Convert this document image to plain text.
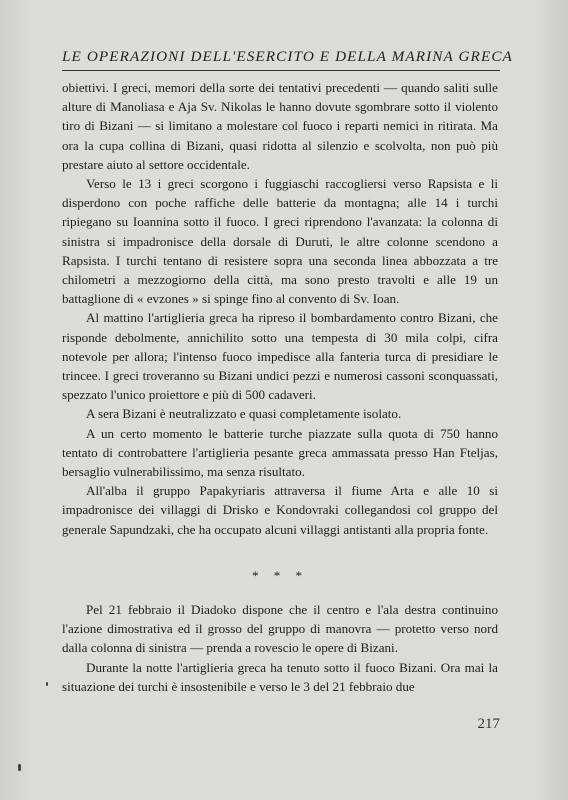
LE OPERAZIONI DELL'ESERCITO E DELLA MARINA GRECA

obiettivi. I greci, memori della sorte dei tentativi precedenti — quando saliti sulle alture di Manoliasa e Aja Sv. Nikolas le hanno dovute sgombrare sotto il violento tiro di Bizani — si limitano a molestare col fuoco i reparti nemici in ritirata. Ma ora la cupa collina di Bizani, quasi ridotta al silenzio e scolvolta, non può più prestare aiuto al settore occidentale.

Verso le 13 i greci scorgono i fuggiaschi raccogliersi verso Rapsista e li disperdono con poche raffiche delle batterie da montagna; alle 14 i turchi ripiegano su Ioannina sotto il fuoco. I greci riprendono l'avanzata: la colonna di sinistra si impadronisce della dorsale di Duruti, le altre colonne scendono a Rapsista. I turchi tentano di resistere sopra una seconda linea abbozzata a tre chilometri a mezzogiorno della città, ma sono presto travolti e alle 19 un battaglione di « evzones » si spinge fino al convento di Sv. Ioan.

Al mattino l'artiglieria greca ha ripreso il bombardamento contro Bizani, che risponde debolmente, annichilito sotto una tempesta di 30 mila colpi, cifra notevole per allora; l'intenso fuoco impedisce alla fanteria turca di presidiare le trincee. I greci troveranno su Bizani undici pezzi e numerosi cassoni sconquassati, spezzato l'unico proiettore e più di 500 cadaveri.

A sera Bizani è neutralizzato e quasi completamente isolato.

A un certo momento le batterie turche piazzate sulla quota di 750 hanno tentato di controbattere l'artiglieria pesante greca ammassata presso Han Fteljas, bersaglio vulnerabilissimo, ma senza risultato.

All'alba il gruppo Papakyriaris attraversa il fiume Arta e alle 10 si impadronisce dei villaggi di Drisko e Kondovraki collegandosi col gruppo del generale Sapundzaki, che ha occupato alcuni villaggi antistanti alla propria fonte.

* * *

Pel 21 febbraio il Diadoko dispone che il centro e l'ala destra continuino l'azione dimostrativa ed il grosso del gruppo di manovra — protetto verso nord dalla colonna di sinistra — prenda a rovescio le opere di Bizani.

Durante la notte l'artiglieria greca ha tenuto sotto il fuoco Bizani. Ora mai la situazione dei turchi è insostenibile e verso le 3 del 21 febbraio due

217
